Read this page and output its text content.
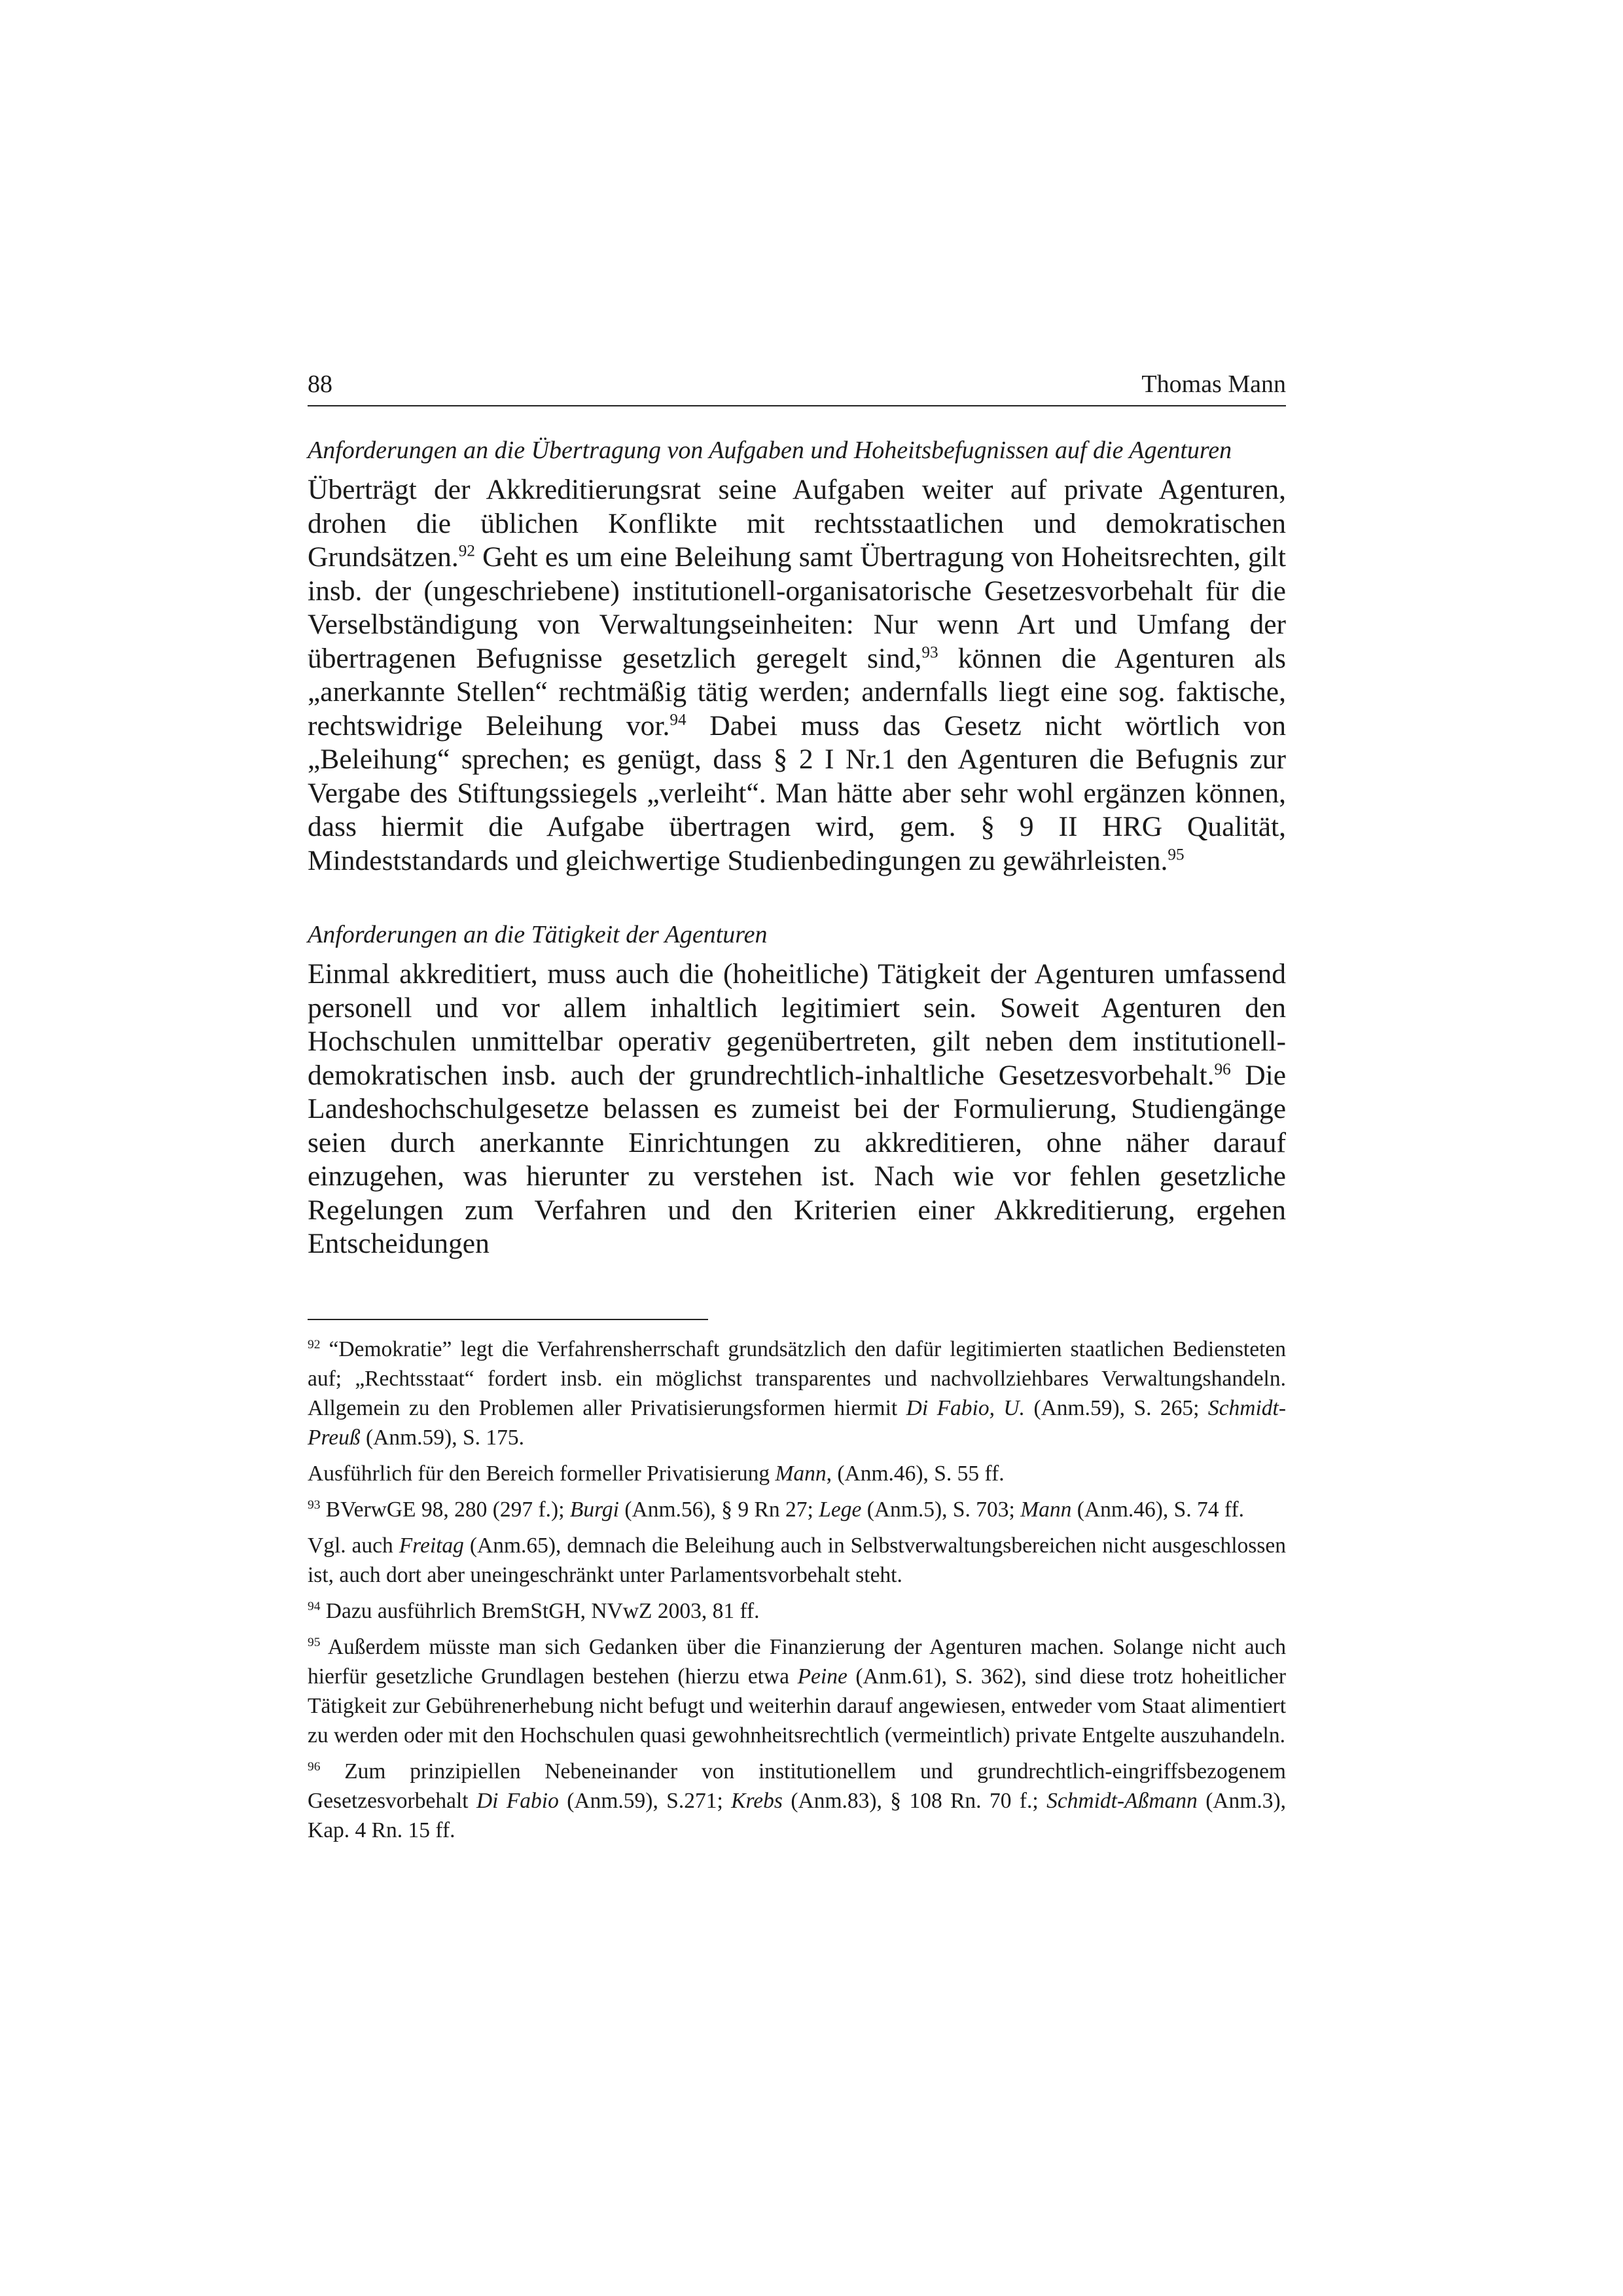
88	Thomas Mann

Anforderungen an die Übertragung von Aufgaben und Hoheitsbefugnissen auf die Agenturen

Überträgt der Akkreditierungsrat seine Aufgaben weiter auf private Agenturen, drohen die üblichen Konflikte mit rechtsstaatlichen und demokratischen Grundsätzen.$^{92}$ Geht es um eine Beleihung samt Übertragung von Hoheitsrechten, gilt insb. der (ungeschriebene) institutionell-organisatorische Gesetzesvorbehalt für die Verselbständigung von Verwaltungseinheiten: Nur wenn Art und Umfang der übertragenen Befugnisse gesetzlich geregelt sind,$^{93}$ können die Agenturen als „anerkannte Stellen“ rechtmäßig tätig werden; andernfalls liegt eine sog. faktische, rechtswidrige Beleihung vor.$^{94}$ Dabei muss das Gesetz nicht wörtlich von „Beleihung“ sprechen; es genügt, dass § 2 I Nr.1 den Agenturen die Befugnis zur Vergabe des Stiftungssiegels „verleiht“. Man hätte aber sehr wohl ergänzen können, dass hiermit die Aufgabe übertragen wird, gem. § 9 II HRG Qualität, Mindeststandards und gleichwertige Studienbedingungen zu gewährleisten.$^{95}$

Anforderungen an die Tätigkeit der Agenturen

Einmal akkreditiert, muss auch die (hoheitliche) Tätigkeit der Agenturen umfassend personell und vor allem inhaltlich legitimiert sein. Soweit Agenturen den Hochschulen unmittelbar operativ gegenübertreten, gilt neben dem institutionell-demokratischen insb. auch der grundrechtlich-inhaltliche Gesetzesvorbehalt.$^{96}$ Die Landeshochschulgesetze belassen es zumeist bei der Formulierung, Studiengänge seien durch anerkannte Einrichtungen zu akkreditieren, ohne näher darauf einzugehen, was hierunter zu verstehen ist. Nach wie vor fehlen gesetzliche Regelungen zum Verfahren und den Kriterien einer Akkreditierung, ergehen Entscheidungen

$^{92}$ “Demokratie” legt die Verfahrensherrschaft grundsätzlich den dafür legitimierten staatlichen Bediensteten auf; „Rechtsstaat“ fordert insb. ein möglichst transparentes und nachvollziehbares Verwaltungshandeln. Allgemein zu den Problemen aller Privatisierungsformen hiermit Di Fabio, U. (Anm.59), S. 265; Schmidt-Preuß (Anm.59), S. 175.

Ausführlich für den Bereich formeller Privatisierung Mann, (Anm.46), S. 55 ff.

$^{93}$ BVerwGE 98, 280 (297 f.); Burgi (Anm.56), § 9 Rn 27; Lege (Anm.5), S. 703; Mann (Anm.46), S. 74 ff.

Vgl. auch Freitag (Anm.65), demnach die Beleihung auch in Selbstverwaltungsbereichen nicht ausgeschlossen ist, auch dort aber uneingeschränkt unter Parlamentsvorbehalt steht.

$^{94}$ Dazu ausführlich BremStGH, NVwZ 2003, 81 ff.

$^{95}$ Außerdem müsste man sich Gedanken über die Finanzierung der Agenturen machen. Solange nicht auch hierfür gesetzliche Grundlagen bestehen (hierzu etwa Peine (Anm.61), S. 362), sind diese trotz hoheitlicher Tätigkeit zur Gebührenerhebung nicht befugt und weiterhin darauf angewiesen, entweder vom Staat alimentiert zu werden oder mit den Hochschulen quasi gewohnheitsrechtlich (vermeintlich) private Entgelte auszuhandeln.

$^{96}$ Zum prinzipiellen Nebeneinander von institutionellem und grundrechtlich-eingriffsbezogenem Gesetzesvorbehalt Di Fabio (Anm.59), S.271; Krebs (Anm.83), § 108 Rn. 70 f.; Schmidt-Aßmann (Anm.3), Kap. 4 Rn. 15 ff.
